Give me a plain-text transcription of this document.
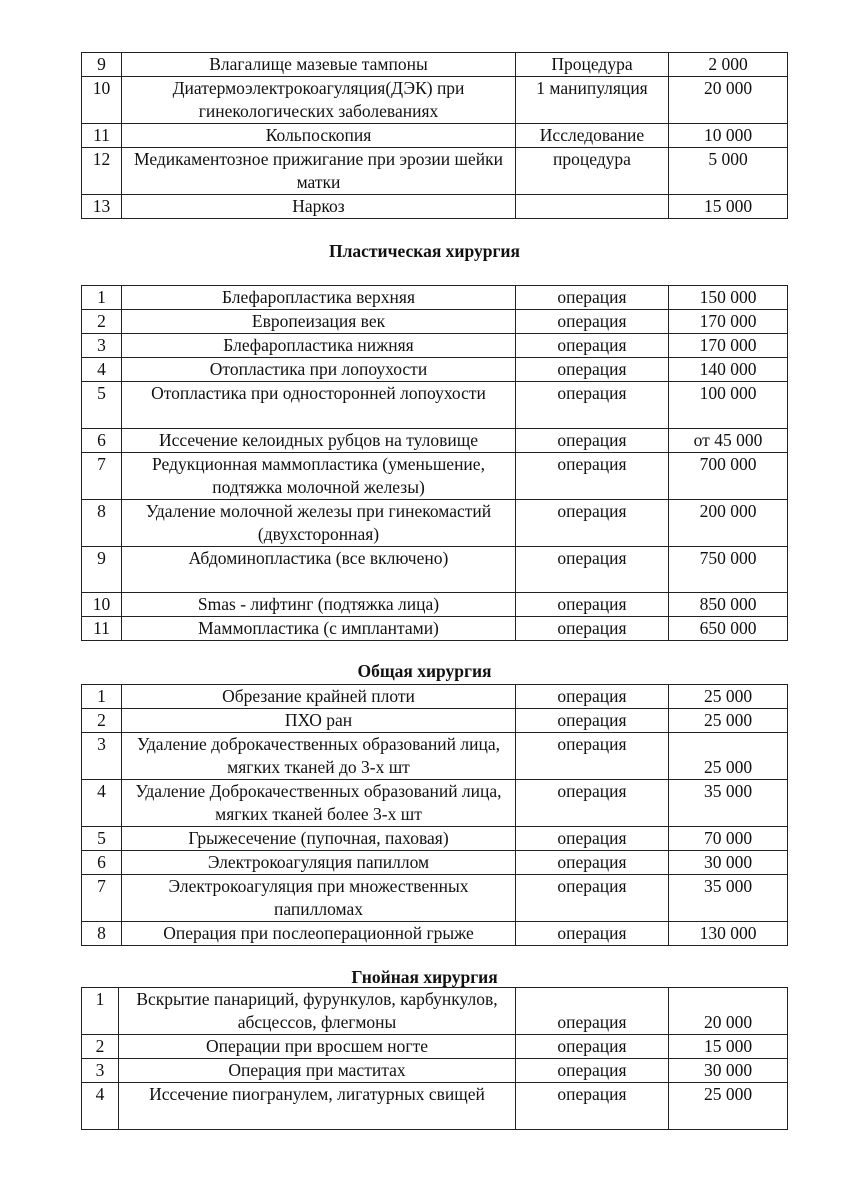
9	Влагалище мазевые тампоны	Процедура	2 000
10	Диатермоэлектрокоагуляция(ДЭК) при гинекологических заболеваниях	1 манипуляция	20 000
11	Кольпоскопия	Исследование	10 000
12	Медикаментозное прижигание при эрозии шейки матки	процедура	5 000
13	Наркоз		15 000
Пластическая хирургия
1	Блефаропластика верхняя	операция	150 000
2	Европеизация век	операция	170 000
3	Блефаропластика нижняя	операция	170 000
4	Отопластика при лопоухости	операция	140 000
5	Отопластика при односторонней лопоухости	операция	100 000
6	Иссечение келоидных рубцов на туловище	операция	от 45 000
7	Редукционная маммопластика (уменьшение, подтяжка молочной железы)	операция	700 000
8	Удаление молочной железы при гинекомастий (двухсторонная)	операция	200 000
9	Абдоминопластика (все включено)	операция	750 000
10	Smas - лифтинг (подтяжка лица)	операция	850 000
11	Маммопластика (с имплантами)	операция	650 000
Общая хирургия
1	Обрезание крайней плоти	операция	25 000
2	ПХО ран	операция	25 000
3	Удаление доброкачественных образований лица, мягких тканей до 3-х шт	операция	25 000
4	Удаление Доброкачественных образований лица, мягких тканей более 3-х шт	операция	35 000
5	Грыжесечение (пупочная, паховая)	операция	70 000
6	Электрокоагуляция папиллом	операция	30 000
7	Электрокоагуляция при множественных папилломах	операция	35 000
8	Операция при послеоперационной грыже	операция	130 000
Гнойная хирургия
1	Вскрытие панариций, фурункулов, карбункулов, абсцессов, флегмоны	операция	20 000
2	Операции при вросшем ногте	операция	15 000
3	Операция при маститах	операция	30 000
4	Иссечение пиогранулем, лигатурных свищей	операция	25 000
